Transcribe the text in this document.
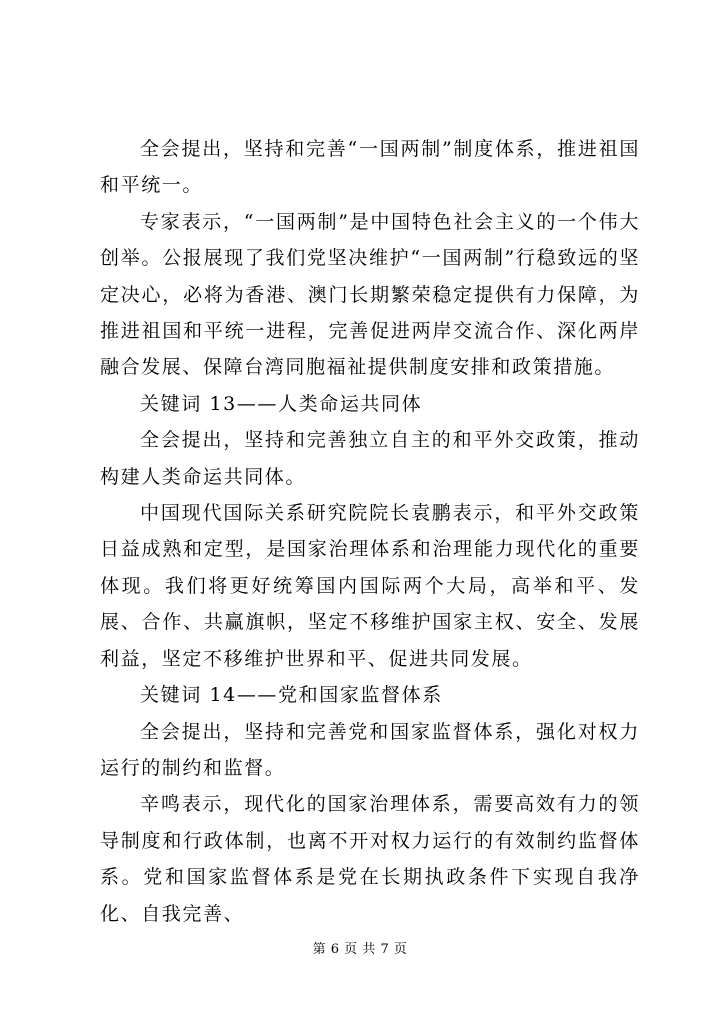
全会提出，坚持和完善“一国两制”制度体系，推进祖国和平统一。

专家表示，“一国两制”是中国特色社会主义的一个伟大创举。公报展现了我们党坚决维护“一国两制”行稳致远的坚定决心，必将为香港、澳门长期繁荣稳定提供有力保障，为推进祖国和平统一进程，完善促进两岸交流合作、深化两岸融合发展、保障台湾同胞福祉提供制度安排和政策措施。

关键词 13——人类命运共同体

全会提出，坚持和完善独立自主的和平外交政策，推动构建人类命运共同体。

中国现代国际关系研究院院长袁鹏表示，和平外交政策日益成熟和定型，是国家治理体系和治理能力现代化的重要体现。我们将更好统筹国内国际两个大局，高举和平、发展、合作、共赢旗帜，坚定不移维护国家主权、安全、发展利益，坚定不移维护世界和平、促进共同发展。

关键词 14——党和国家监督体系

全会提出，坚持和完善党和国家监督体系，强化对权力运行的制约和监督。

辛鸣表示，现代化的国家治理体系，需要高效有力的领导制度和行政体制，也离不开对权力运行的有效制约监督体系。党和国家监督体系是党在长期执政条件下实现自我净化、自我完善、

第 6 页 共 7 页
